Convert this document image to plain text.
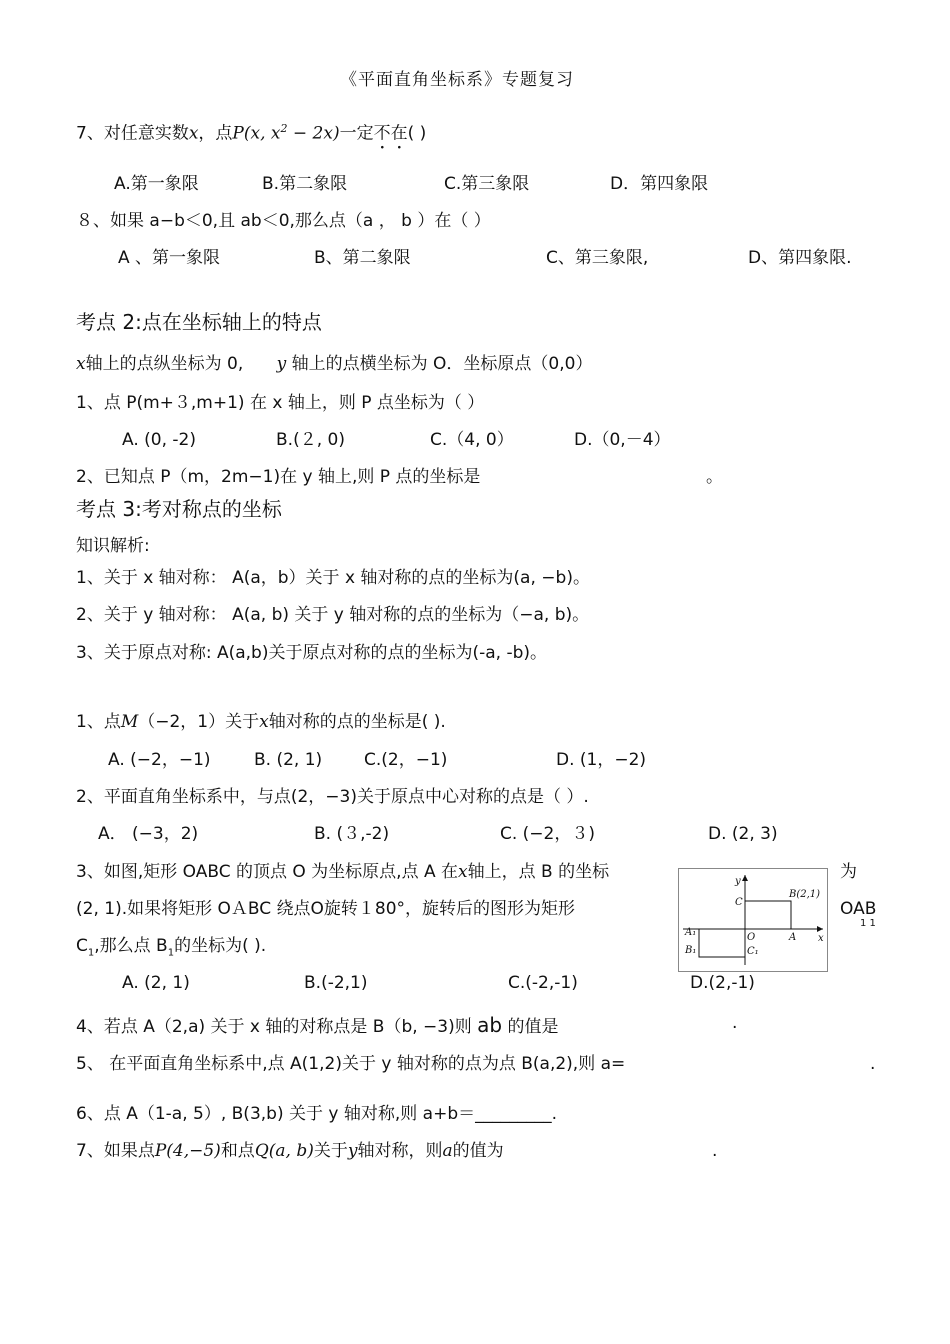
《平面直角坐标系》专题复习
7、对任意实数x，点P(x, $x^2 - 2x$)一定不在( )
A.第一象限	B.第二象限	C.第三象限	D．第四象限
８、如果 a−b＜0,且 ab＜0,那么点（a ， b ）在（ ）
A 、第一象限	B、第二象限	C、第三象限,	D、第四象限.
考点 2:点在坐标轴上的特点
x轴上的点纵坐标为 0, y 轴上的点横坐标为 O．坐标原点（0,0）
1、点 P(m+３,m+1) 在 x 轴上，则 P 点坐标为（ ）
A. (0, -2)	B.(２, 0)	C.（4, 0）	D.（0,－4）
2、已知点 P（m，2m−1)在 y 轴上,则 P 点的坐标是	。
考点 3:考对称点的坐标
知识解析:
1、关于 x 轴对称： A(a，b）关于 x 轴对称的点的坐标为(a, −b)。
2、关于 y 轴对称： A(a, b) 关于 y 轴对称的点的坐标为（−a, b)。
3、关于原点对称: A(a,b)关于原点对称的点的坐标为(-a, -b)。
1、点M（−2，1）关于x轴对称的点的坐标是( ).
A. (−2，−1)	B. (2, 1) C.(2，−1)	D. (1，−2)
2、平面直角坐标系中，与点(2，−3)关于原点中心对称的点是（ ）.
A． (−3，2)	B. (３,-2)	C. (−2，３)	D. (2, 3)
3、如图,矩形 OABC 的顶点 O 为坐标原点,点 A 在x轴上，点 B 的坐标	为
(2, 1).如果将矩形 OＡBC 绕点O旋转１80°，旋转后的图形为矩形	OAB
1 1
$C_1$,那么点 $B_1$的坐标为( ).
A. (2, 1)	B.(-2,1)	C.(-2,-1)	D.(2,-1)
y
x
B(2,1)
C
O	A
A₁
B₁	C₁
4、若点 A（2,a) 关于 x 轴的对称点是 B（b, −3)则 ab 的值是	.
5、 在平面直角坐标系中,点 A(1,2)关于 y 轴对称的点为点 B(a,2),则 a=	.
6、点 A（1-a, 5）, B(3,b) 关于 y 轴对称,则 a+b＝_________.
7、如果点P(4,−5)和点Q(a, b)关于y轴对称，则a的值为	.
